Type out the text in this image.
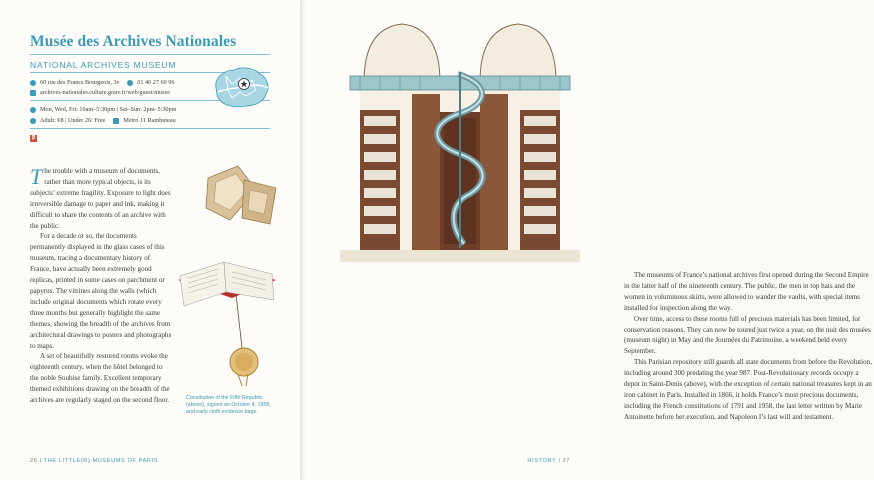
Musée des Archives Nationales
NATIONAL ARCHIVES MUSEUM
60 rue des Francs Bourgeois, 3e	01 40 27 60 96
archives-nationales.culture.gouv.fr/web/guest/musee
Mon, Wed, Fri: 10am–5:30pm | Sat–Sun: 2pm–5:30pm
Adult: €8 | Under 26: Free	Metro 11 Rambuteau
₿

The trouble with a museum of documents, rather than more typical objects, is its subjects’ extreme fragility. Exposure to light does irreversible damage to paper and ink, making it difficult to share the contents of an archive with the public.

For a decade or so, the documents permanently displayed in the glass cases of this museum, tracing a documentary history of France, have actually been extremely good replicas, printed in some cases on parchment or papyrus. The vitrines along the walls (which include original documents which rotate every three months but generally highlight the same themes, showing the breadth of the archives from architectural drawings to posters and photographs to maps.

A set of beautifully restored rooms evoke the eighteenth century, when the hôtel belonged to the noble Soubise family. Excellent temporary themed exhibitions drawing on the breadth of the archives are regularly staged on the second floor.	Constitution of the Fifth Republic (above), signed on October 4, 1958, and early cloth evidence bags.
26 | THE LITTLE(R) MUSEUMS OF PARIS

The museums of France’s national archives first opened during the Second Empire in the latter half of the nineteenth century. The public, the men in top hats and the women in voluminous skirts, were allowed to wander the vaults, with special items installed for inspection along the way.

Over time, access to these rooms full of precious materials has been limited, for conservation reasons. They can now be toured just twice a year, on the nuit des musées (museum night) in May and the Journées du Patrimoine, a weekend held every September.

This Parisian repository still guards all state documents from before the Revolution, including around 300 predating the year 987. Post-Revolutionary records occupy a depot in Saint-Denis (above), with the exception of certain national treasures kept in an iron cabinet in Paris. Installed in 1866, it holds France’s most precious documents, including the French constitutions of 1791 and 1958, the last letter written by Marie Antoinette before her execution, and Napoleon I’s last will and testament.

HISTORY | 27
